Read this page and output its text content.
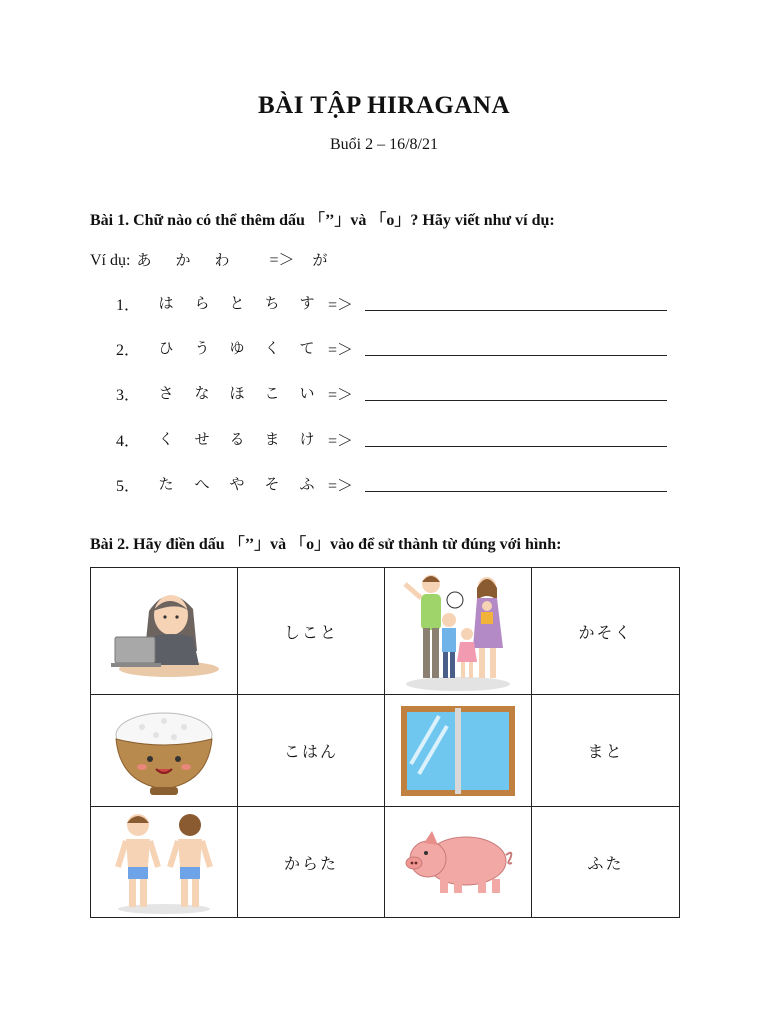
BÀI TẬP HIRAGANA
Buổi 2 – 16/8/21
Bài 1. Chữ nào có thể thêm dấu 「’’」và 「o」? Hãy viết như ví dụ:
Ví dụ: あ か わ	=＞ が
1． は	ら	と	ち	す =＞
2． ひ	う	ゆ	く	て =＞
3． さ	な	ほ	こ	い =＞
4． く	せ	る	ま	け =＞
5． た	へ	や	そ	ふ =＞
Bài 2. Hãy điền dấu 「’’」và 「o」vào để sử thành từ đúng với hình:
	しこと		かそく

	こはん		まと

	からた		ふた
